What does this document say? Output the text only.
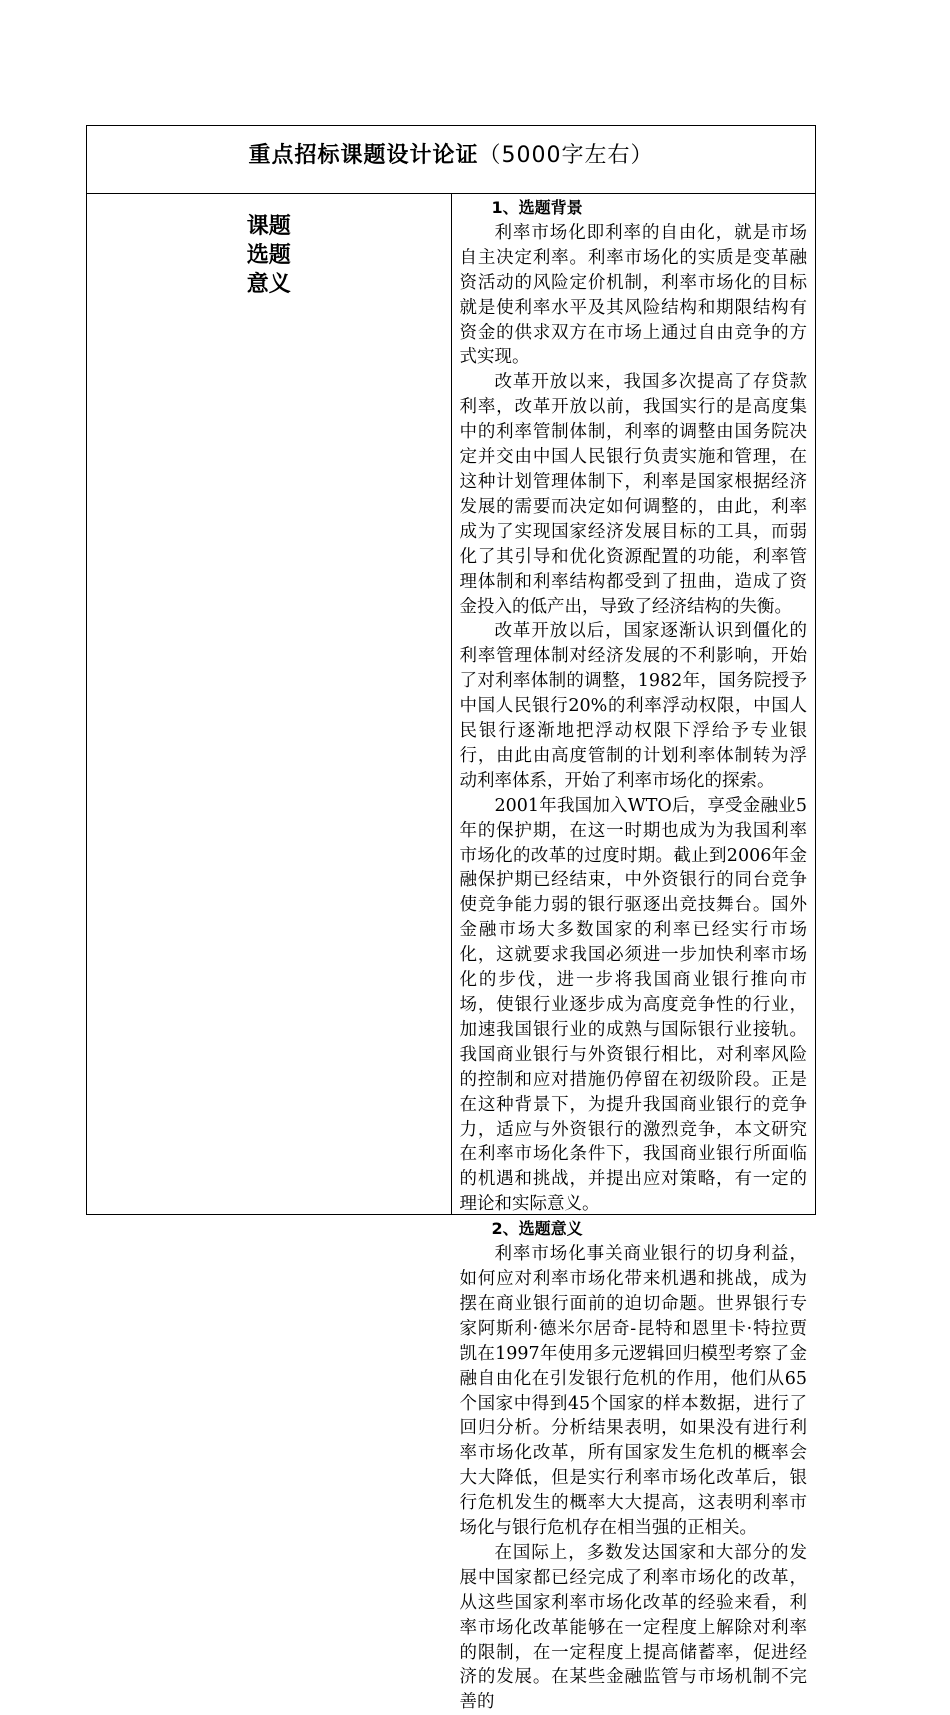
重点招标课题设计论证（5000字左右）

课题
选题
意义

1、选题背景

利率市场化即利率的自由化，就是市场自主决定利率。利率市场化的实质是变革融资活动的风险定价机制，利率市场化的目标就是使利率水平及其风险结构和期限结构有资金的供求双方在市场上通过自由竞争的方式实现。

改革开放以来，我国多次提高了存贷款利率，改革开放以前，我国实行的是高度集中的利率管制体制，利率的调整由国务院决定并交由中国人民银行负责实施和管理，在这种计划管理体制下，利率是国家根据经济发展的需要而决定如何调整的，由此，利率成为了实现国家经济发展目标的工具，而弱化了其引导和优化资源配置的功能，利率管理体制和利率结构都受到了扭曲，造成了资金投入的低产出，导致了经济结构的失衡。

改革开放以后，国家逐渐认识到僵化的利率管理体制对经济发展的不利影响，开始了对利率体制的调整，1982年，国务院授予中国人民银行20%的利率浮动权限，中国人民银行逐渐地把浮动权限下浮给予专业银行，由此由高度管制的计划利率体制转为浮动利率体系，开始了利率市场化的探索。

2001年我国加入WTO后，享受金融业5年的保护期，在这一时期也成为为我国利率市场化的改革的过度时期。截止到2006年金融保护期已经结束，中外资银行的同台竞争使竞争能力弱的银行驱逐出竞技舞台。国外金融市场大多数国家的利率已经实行市场化，这就要求我国必须进一步加快利率市场化的步伐，进一步将我国商业银行推向市场，使银行业逐步成为高度竞争性的行业，加速我国银行业的成熟与国际银行业接轨。我国商业银行与外资银行相比，对利率风险的控制和应对措施仍停留在初级阶段。正是在这种背景下，为提升我国商业银行的竞争力，适应与外资银行的激烈竞争，本文研究在利率市场化条件下，我国商业银行所面临的机遇和挑战，并提出应对策略，有一定的理论和实际意义。

2、选题意义

利率市场化事关商业银行的切身利益，如何应对利率市场化带来机遇和挑战，成为摆在商业银行面前的迫切命题。世界银行专家阿斯利·德米尔居奇-昆特和恩里卡·特拉贾凯在1997年使用多元逻辑回归模型考察了金融自由化在引发银行危机的作用，他们从65个国家中得到45个国家的样本数据，进行了回归分析。分析结果表明，如果没有进行利率市场化改革，所有国家发生危机的概率会大大降低，但是实行利率市场化改革后，银行危机发生的概率大大提高，这表明利率市场化与银行危机存在相当强的正相关。

在国际上，多数发达国家和大部分的发展中国家都已经完成了利率市场化的改革，从这些国家利率市场化改革的经验来看，利率市场化改革能够在一定程度上解除对利率的限制，在一定程度上提高储蓄率，促进经济的发展。在某些金融监管与市场机制不完善的
